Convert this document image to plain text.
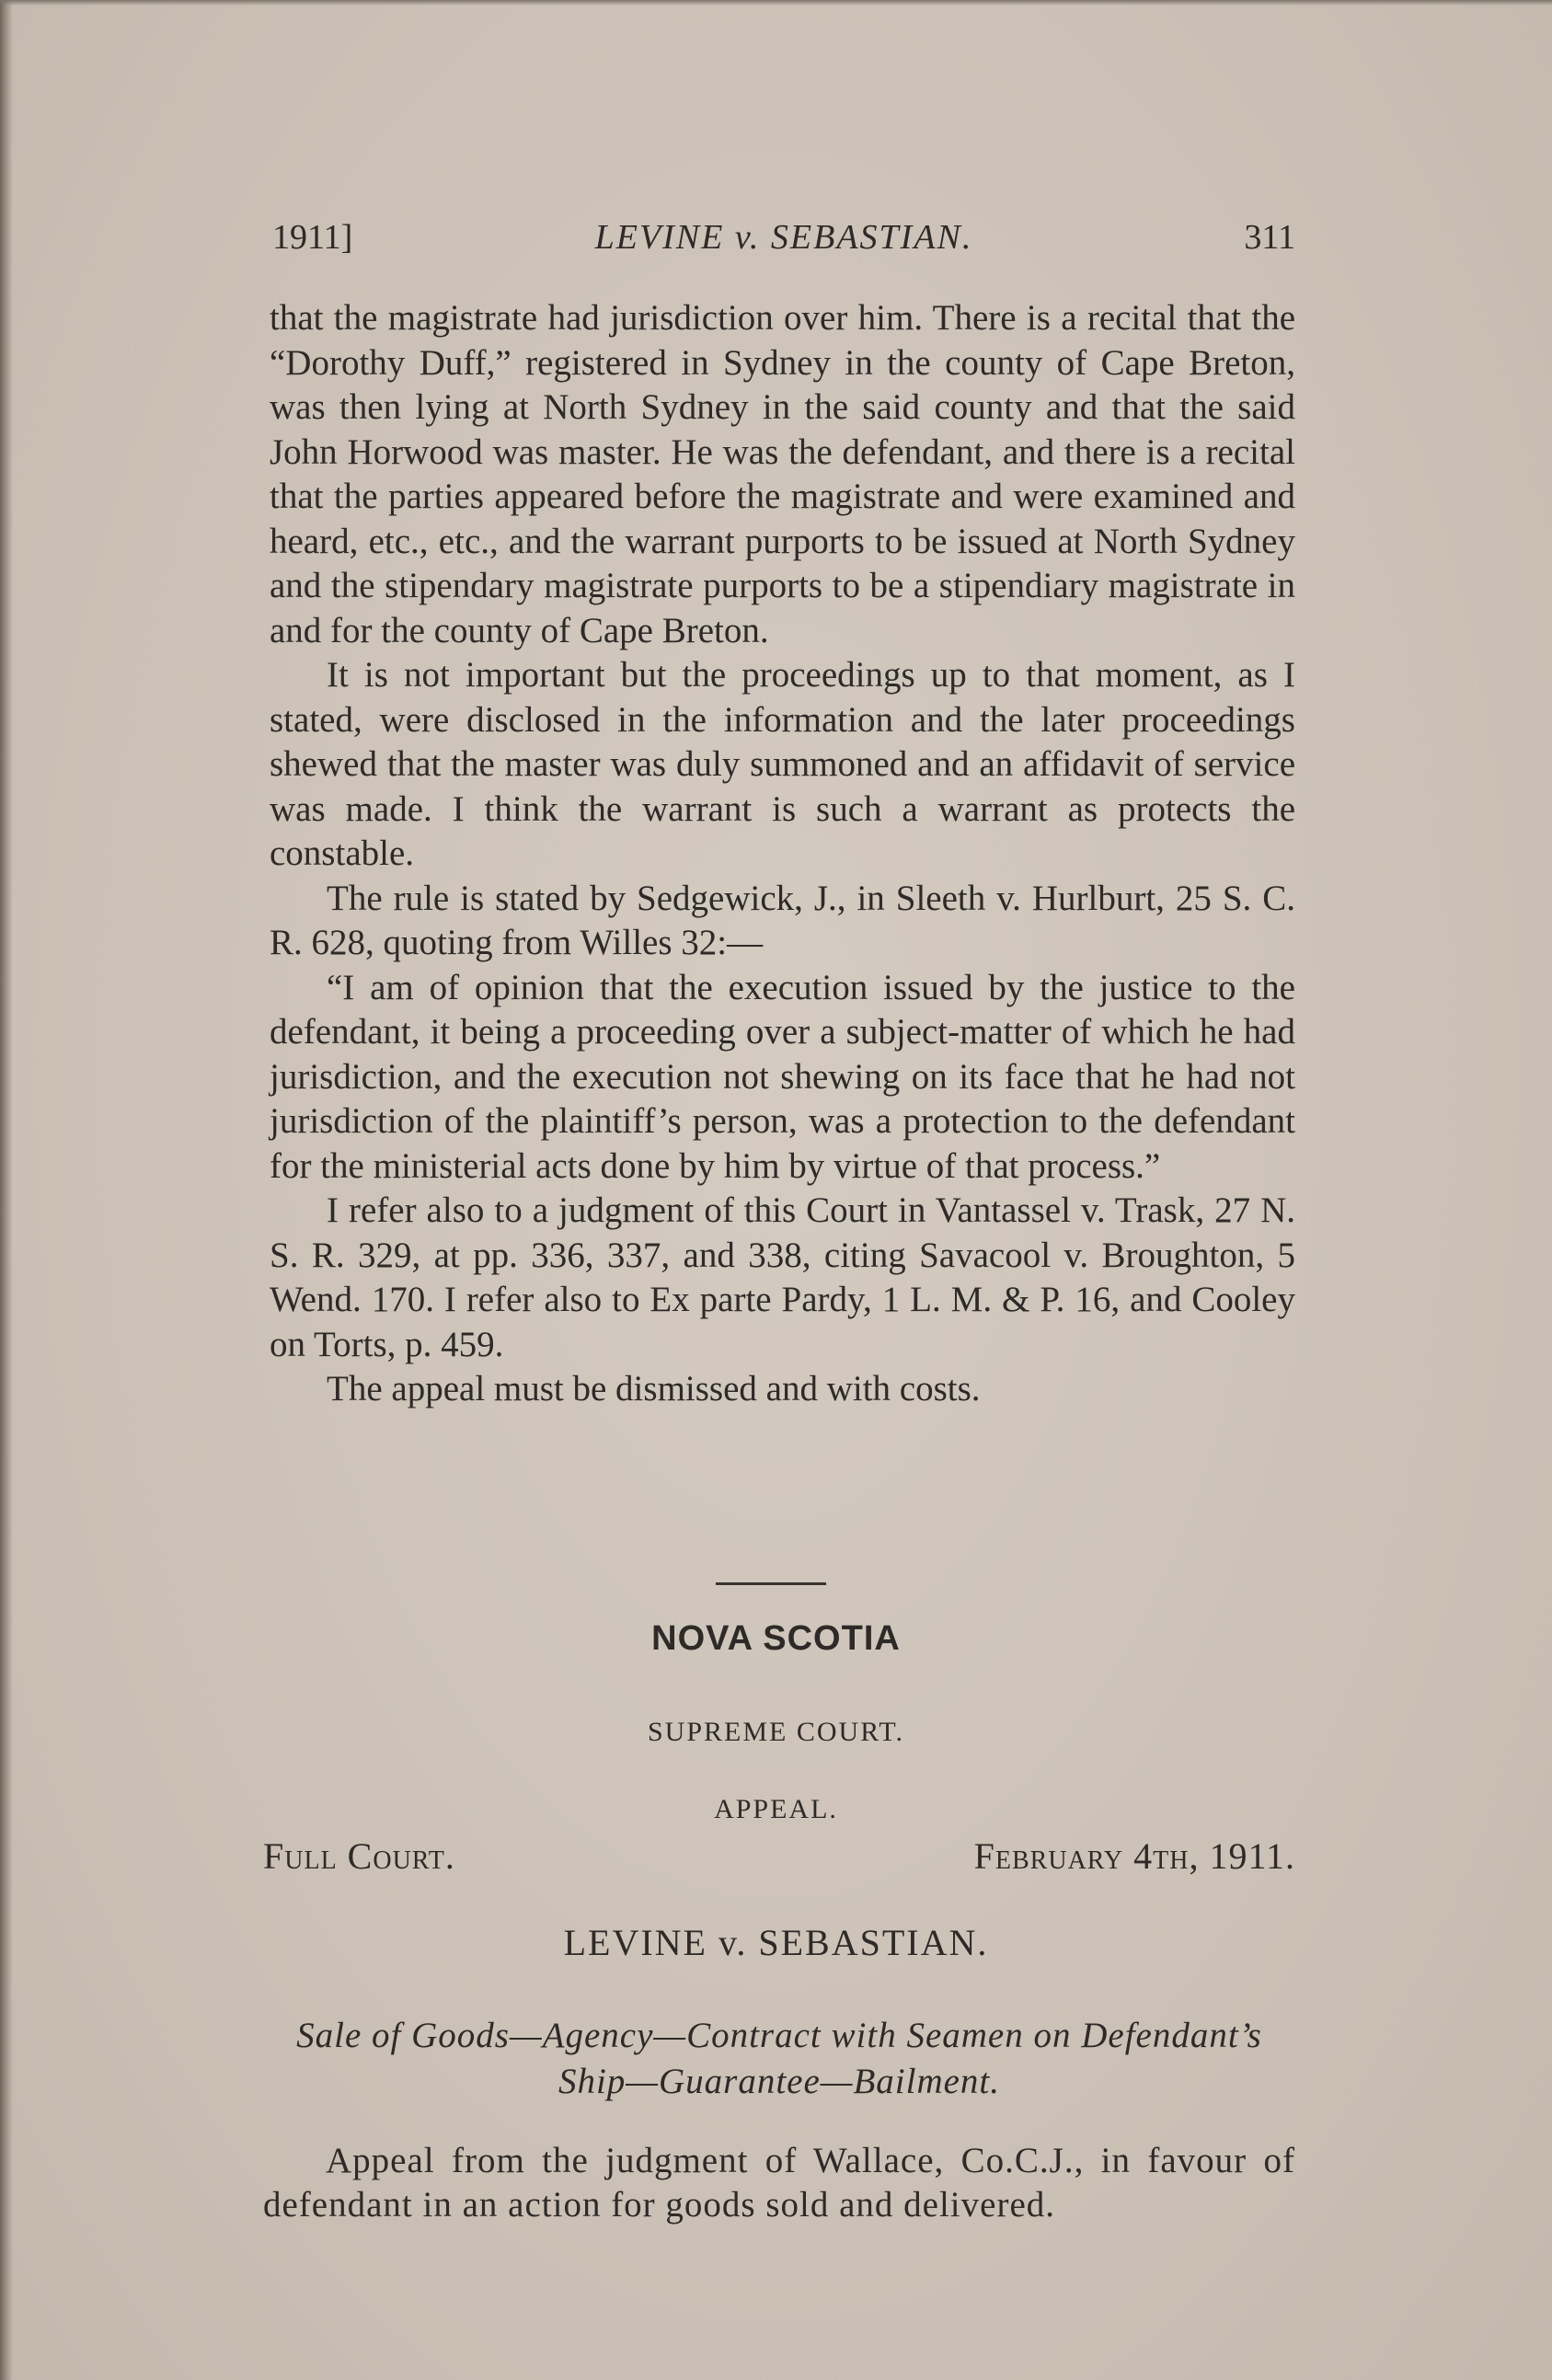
1911]	LEVINE v. SEBASTIAN.	311

that the magistrate had jurisdiction over him. There is a recital that the “Dorothy Duff,” registered in Sydney in the county of Cape Breton, was then lying at North Sydney in the said county and that the said John Horwood was master. He was the defendant, and there is a recital that the parties appeared before the magistrate and were examined and heard, etc., etc., and the warrant purports to be issued at North Sydney and the stipendary magistrate purports to be a stipendiary magistrate in and for the county of Cape Breton.

It is not important but the proceedings up to that moment, as I stated, were disclosed in the information and the later proceedings shewed that the master was duly summoned and an affidavit of service was made. I think the warrant is such a warrant as protects the constable.

The rule is stated by Sedgewick, J., in Sleeth v. Hurlburt, 25 S. C. R. 628, quoting from Willes 32:—

“I am of opinion that the execution issued by the justice to the defendant, it being a proceeding over a subject-matter of which he had jurisdiction, and the execution not shewing on its face that he had not jurisdiction of the plaintiff’s person, was a protection to the defendant for the ministerial acts done by him by virtue of that process.”

I refer also to a judgment of this Court in Vantassel v. Trask, 27 N. S. R. 329, at pp. 336, 337, and 338, citing Savacool v. Broughton, 5 Wend. 170. I refer also to Ex parte Pardy, 1 L. M. & P. 16, and Cooley on Torts, p. 459.

The appeal must be dismissed and with costs.

NOVA SCOTIA
SUPREME COURT.
APPEAL.
Full Court.	February 4th, 1911.
LEVINE v. SEBASTIAN.
Sale of Goods—Agency—Contract with Seamen on Defendant’s Ship—Guarantee—Bailment.

Appeal from the judgment of Wallace, Co.C.J., in favour of defendant in an action for goods sold and delivered.
